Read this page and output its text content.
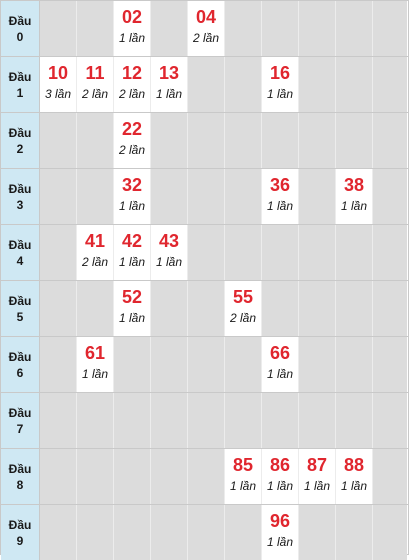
Đầu
0
02
1 lần
04
2 lần
Đầu
1
10
3 lần
11
2 lần
12
2 lần
13
1 lần
16
1 lần
Đầu
2
22
2 lần
Đầu
3
32
1 lần
36
1 lần
38
1 lần
Đầu
4
41
2 lần
42
1 lần
43
1 lần
Đầu
5
52
1 lần
55
2 lần
Đầu
6
61
1 lần
66
1 lần
Đầu
7
Đầu
8
85
1 lần
86
1 lần
87
1 lần
88
1 lần
Đầu
9
96
1 lần
